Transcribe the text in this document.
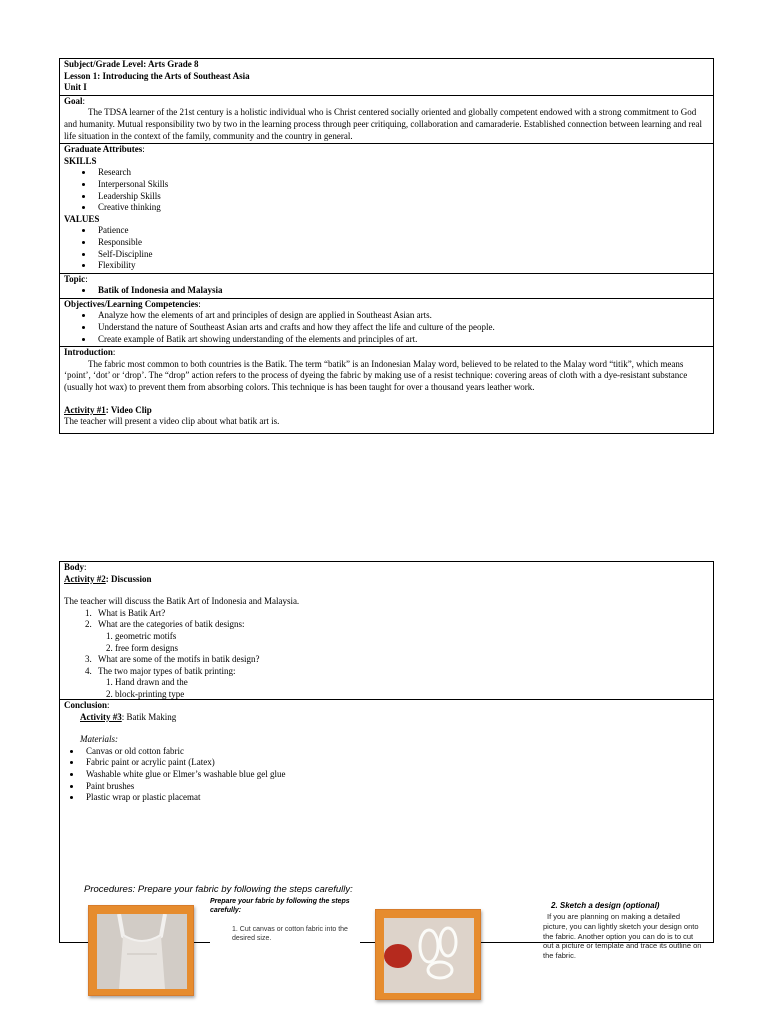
Subject/Grade Level: Arts Grade 8

Lesson 1: Introducing the Arts of Southeast Asia

Unit I

Goal:

The TDSA learner of the 21st century is a holistic individual who is Christ centered socially oriented and globally competent endowed with a strong commitment to God and humanity. Mutual responsibility two by two in the learning process through peer critiquing, collaboration and camaraderie. Established connection between learning and real life situation in the context of the family, community and the country in general.

Graduate Attributes:

SKILLS

• Research
• Interpersonal Skills
• Leadership Skills
• Creative thinking

VALUES

• Patience
• Responsible
• Self-Discipline
• Flexibility

Topic:

• Batik of Indonesia and Malaysia

Objectives/Learning Competencies:

• Analyze how the elements of art and principles of design are applied in Southeast Asian arts.
• Understand the nature of Southeast Asian arts and crafts and how they affect the life and culture of the people.
• Create example of Batik art showing understanding of the elements and principles of art.

Introduction:

The fabric most common to both countries is the Batik. The term “batik” is an Indonesian Malay word, believed to be related to the Malay word “titik”, which means ‘point’, ‘dot’ or ‘drop’. The “drop” action refers to the process of dyeing the fabric by making use of a resist technique: covering areas of cloth with a dye-resistant substance (usually hot wax) to prevent them from absorbing colors. This technique is has been taught for over a thousand years leather work.

Activity #1: Video Clip

The teacher will present a video clip about what batik art is.

Body:

Activity #2: Discussion

The teacher will discuss the Batik Art of Indonesia and Malaysia.

1. What is Batik Art?
2. What are the categories of batik designs:
1. geometric motifs
2. free form designs
3. What are some of the motifs in batik design?
4. The two major types of batik printing:
1. Hand drawn and the
2. block-printing type

Conclusion:

Activity #3: Batik Making

Materials:

• Canvas or old cotton fabric
• Fabric paint or acrylic paint (Latex)
• Washable white glue or Elmer’s washable blue gel glue
• Paint brushes
• Plastic wrap or plastic placemat
Procedures: Prepare your fabric by following the steps carefully:

Prepare your fabric by following the steps carefully:

1. Cut canvas or cotton fabric into the desired size.

2. Sketch a design (optional)

If you are planning on making a detailed picture, you can lightly sketch your design onto the fabric. Another option you can do is to cut out a picture or template and trace its outline on the fabric.
